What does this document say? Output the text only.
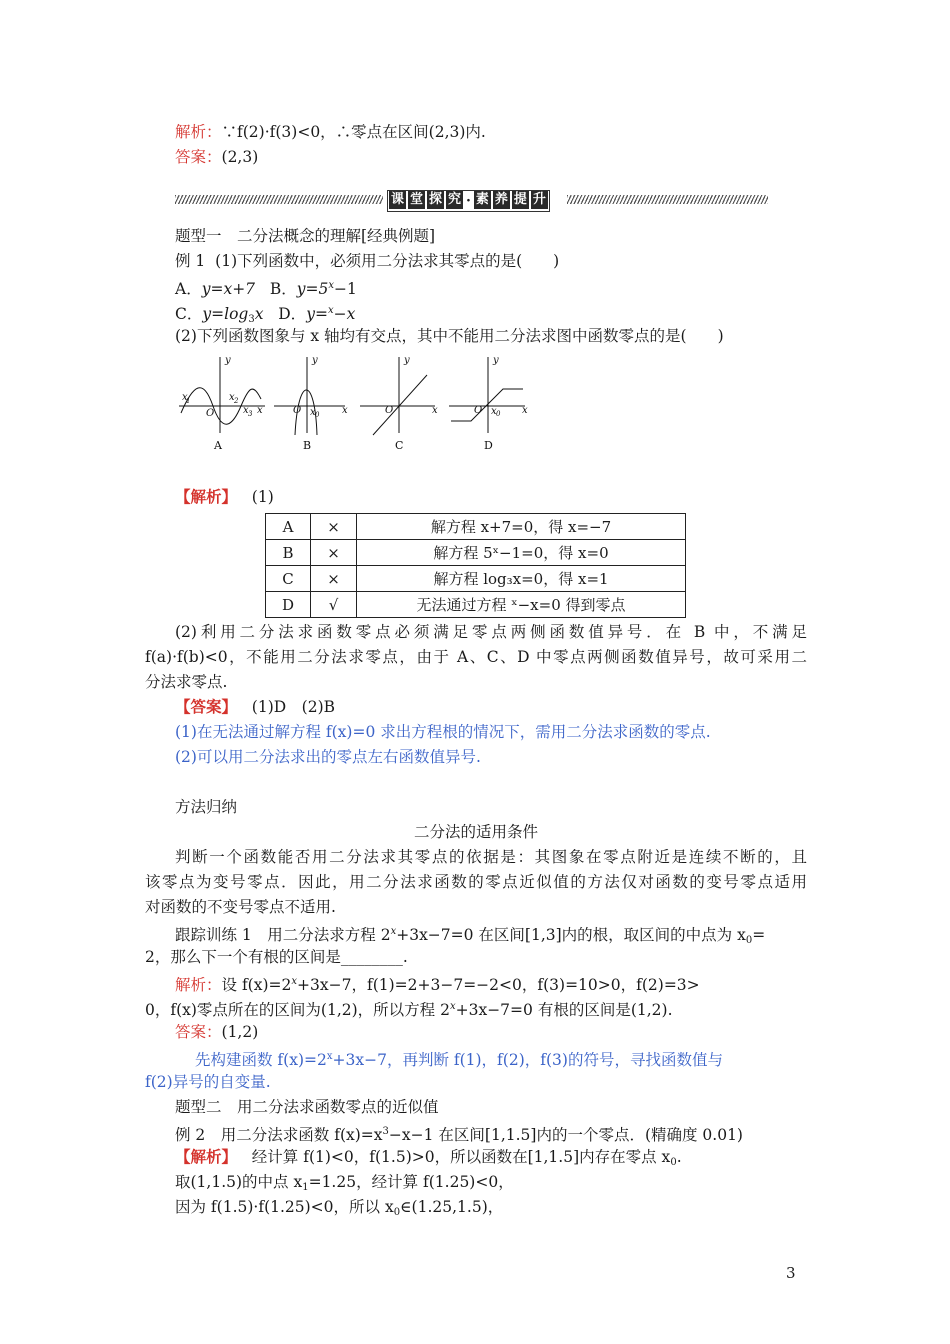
解析：∵f(2)·f(3)<0，∴零点在区间(2,3)内.
答案：(2,3)
课 堂 探 究 · 素 养 提 升
题型一　二分法概念的理解[经典例题]
例 1 (1)下列函数中，必须用二分法求其零点的是(　　)
A．y=x+7 B．$y=5^x-1$
C．$y=\log_3x$ D．y=$^x$−x
(2)下列函数图象与 x 轴均有交点，其中不能用二分法求图中函数零点的是(　　)
y
x
1	x 2
x 3 x
O
A
y
x
O x 0
B
y
x
O
C
y
x
O x 0
D
【解析】 (1)
A	×	解方程 x+7=0，得 x=−7
B	×	解方程 5ˣ−1=0，得 x=0
C	×	解方程 log₃x=0，得 x=1
D	√	无法通过方程 ˣ−x=0 得到零点
(2)利用二分法求函数零点必须满足零点两侧函数值异号．在 B 中，不满足
f(a)·f(b)<0，不能用二分法求零点，由于 A、C、D 中零点两侧函数值异号，故可采用二
分法求零点.
【答案】 (1)D　(2)B
(1)在无法通过解方程 f(x)=0 求出方程根的情况下，需用二分法求函数的零点.
(2)可以用二分法求出的零点左右函数值异号.
方法归纳
二分法的适用条件
判断一个函数能否用二分法求其零点的依据是：其图象在零点附近是连续不断的，且
该零点为变号零点．因此，用二分法求函数的零点近似值的方法仅对函数的变号零点适用
对函数的不变号零点不适用.
跟踪训练 1　用二分法求方程 $2^x+3x-7=0$ 在区间[1,3]内的根，取区间的中点为 $x_0=$
2，那么下一个有根的区间是________.
解析：设 $f(x)=2^x+3x-7$，f(1)=2+3−7=−2<0，f(3)=10>0，f(2)=3>
0，f(x)零点所在的区间为(1,2)，所以方程 $2^x+3x-7=0$ 有根的区间是(1,2).
答案：(1,2)
先构建函数 $f(x)=2^x+3x-7$，再判断 f(1)，f(2)，f(3)的符号，寻找函数值与
f(2)异号的自变量.
题型二　用二分法求函数零点的近似值
例 2　用二分法求函数 $f(x)=x^3-x-1$ 在区间[1,1.5]内的一个零点．(精确度 0.01)
【解析】 经计算 f(1)<0，f(1.5)>0，所以函数在[1,1.5]内存在零点 $x_0$.
取(1,1.5)的中点 $x_1=1.25$，经计算 f(1.25)<0，
因为 f(1.5)·f(1.25)<0，所以 $x_0\in(1.25,1.5)$，
3
